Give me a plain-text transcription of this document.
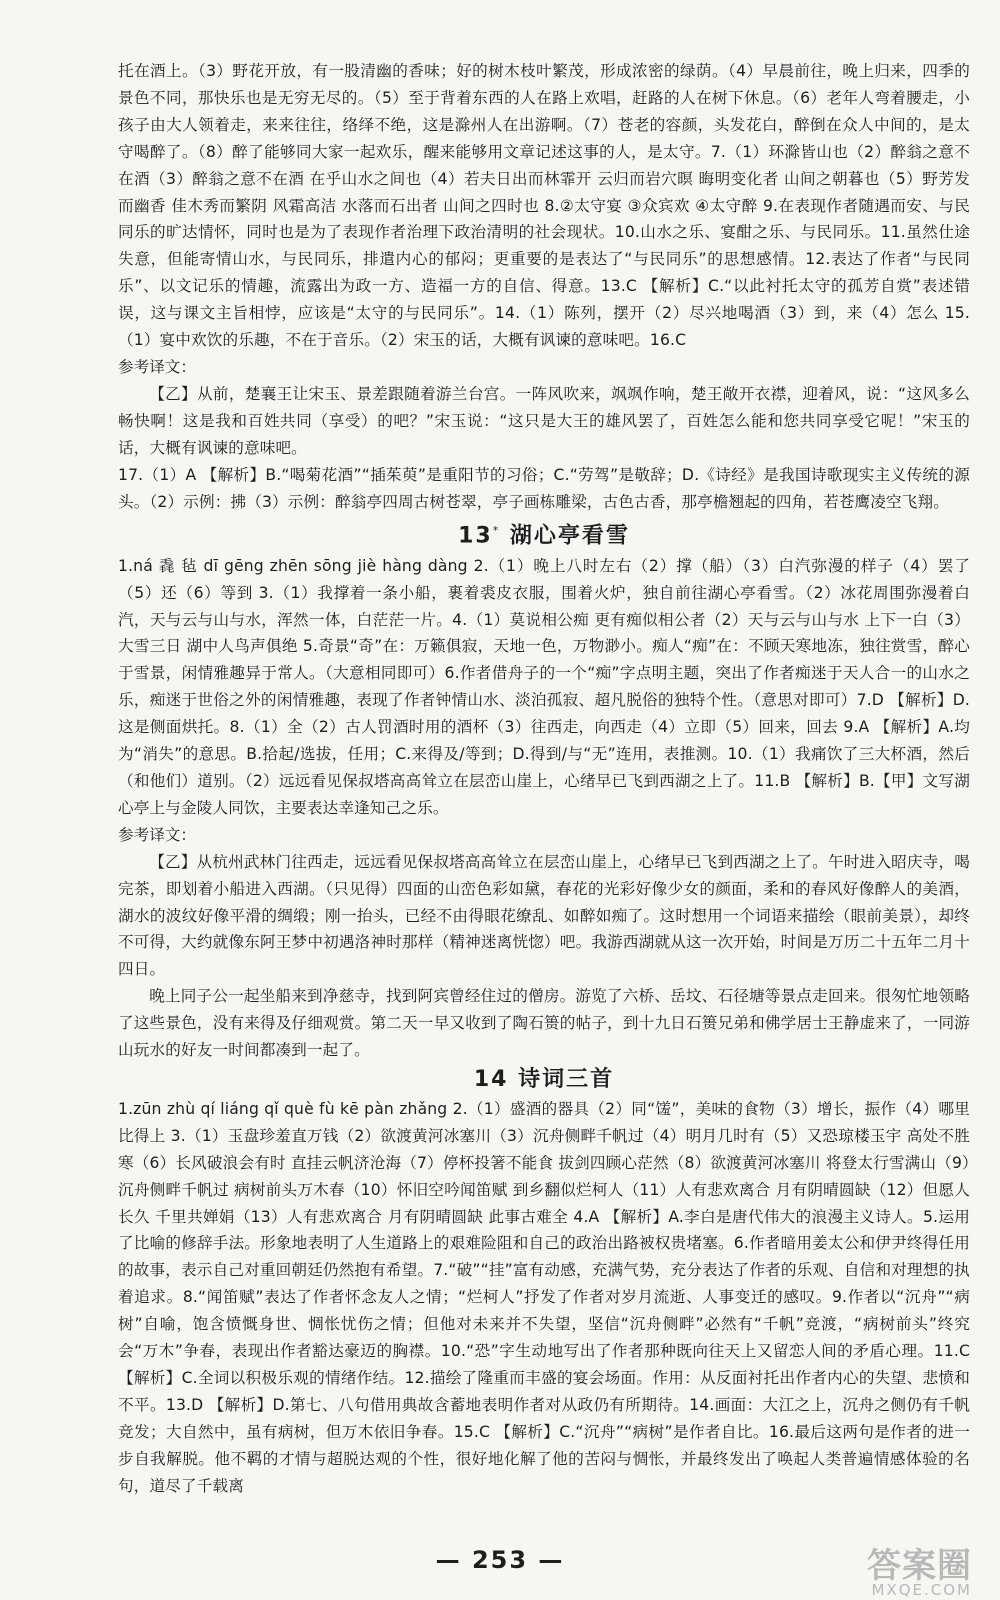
托在酒上。（3）野花开放，有一股清幽的香味；好的树木枝叶繁茂，形成浓密的绿荫。（4）早晨前往，晚上归来，四季的景色不同，那快乐也是无穷无尽的。（5）至于背着东西的人在路上欢唱，赶路的人在树下休息。（6）老年人弯着腰走，小孩子由大人领着走，来来往往，络绎不绝，这是滁州人在出游啊。（7）苍老的容颜，头发花白，醉倒在众人中间的，是太守喝醉了。（8）醉了能够同大家一起欢乐，醒来能够用文章记述这事的人，是太守。7.（1）环滁皆山也（2）醉翁之意不在酒（3）醉翁之意不在酒 在乎山水之间也（4）若夫日出而林霏开 云归而岩穴暝 晦明变化者 山间之朝暮也（5）野芳发而幽香 佳木秀而繁阴 风霜高洁 水落而石出者 山间之四时也 8.②太守宴 ③众宾欢 ④太守醉 9.在表现作者随遇而安、与民同乐的旷达情怀，同时也是为了表现作者治理下政治清明的社会现状。10.山水之乐、宴酣之乐、与民同乐。11.虽然仕途失意，但能寄情山水，与民同乐，排遣内心的郁闷；更重要的是表达了“与民同乐”的思想感情。12.表达了作者“与民同乐”、以文记乐的情趣，流露出为政一方、造福一方的自信、得意。13.C 【解析】C.“以此衬托太守的孤芳自赏”表述错误，这与课文主旨相悖，应该是“太守的与民同乐”。14.（1）陈列，摆开（2）尽兴地喝酒（3）到，来（4）怎么 15.（1）宴中欢饮的乐趣，不在于音乐。（2）宋玉的话，大概有讽谏的意味吧。16.C

参考译文：

【乙】从前，楚襄王让宋玉、景差跟随着游兰台宫。一阵风吹来，飒飒作响，楚王敞开衣襟，迎着风，说：“这风多么畅快啊！这是我和百姓共同（享受）的吧？”宋玉说：“这只是大王的雄风罢了，百姓怎么能和您共同享受它呢！”宋玉的话，大概有讽谏的意味吧。

17.（1）A 【解析】B.“喝菊花酒”“插茱萸”是重阳节的习俗；C.“劳驾”是敬辞；D.《诗经》是我国诗歌现实主义传统的源头。（2）示例：拂（3）示例：醉翁亭四周古树苍翠，亭子画栋雕梁，古色古香，那亭檐翘起的四角，若苍鹰凌空飞翔。

13* 湖心亭看雪

1.ná 毳 毡 dī gēng zhēn sōng jiè hàng dàng 2.（1）晚上八时左右（2）撑（船）（3）白汽弥漫的样子（4）罢了（5）还（6）等到 3.（1）我撑着一条小船，裹着裘皮衣服，围着火炉，独自前往湖心亭看雪。（2）冰花周围弥漫着白汽，天与云与山与水，浑然一体，白茫茫一片。4.（1）莫说相公痴 更有痴似相公者（2）天与云与山与水 上下一白（3）大雪三日 湖中人鸟声俱绝 5.奇景“奇”在：万籁俱寂，天地一色，万物渺小。痴人“痴”在：不顾天寒地冻，独往赏雪，醉心于雪景，闲情雅趣异于常人。（大意相同即可）6.作者借舟子的一个“痴”字点明主题，突出了作者痴迷于天人合一的山水之乐，痴迷于世俗之外的闲情雅趣，表现了作者钟情山水、淡泊孤寂、超凡脱俗的独特个性。（意思对即可）7.D 【解析】D.这是侧面烘托。8.（1）全（2）古人罚酒时用的酒杯（3）往西走，向西走（4）立即（5）回来，回去 9.A 【解析】A.均为“消失”的意思。B.拾起/选拔，任用；C.来得及/等到；D.得到/与“无”连用，表推测。10.（1）我痛饮了三大杯酒，然后（和他们）道别。（2）远远看见保叔塔高高耸立在层峦山崖上，心绪早已飞到西湖之上了。11.B 【解析】B.【甲】文写湖心亭上与金陵人同饮，主要表达幸逢知己之乐。

参考译文：

【乙】从杭州武林门往西走，远远看见保叔塔高高耸立在层峦山崖上，心绪早已飞到西湖之上了。午时进入昭庆寺，喝完茶，即划着小船进入西湖。（只见得）四面的山峦色彩如黛，春花的光彩好像少女的颜面，柔和的春风好像醉人的美酒，湖水的波纹好像平滑的绸缎；刚一抬头，已经不由得眼花缭乱、如醉如痴了。这时想用一个词语来描绘（眼前美景），却终不可得，大约就像东阿王梦中初遇洛神时那样（精神迷离恍惚）吧。我游西湖就从这一次开始，时间是万历二十五年二月十四日。

晚上同子公一起坐船来到净慈寺，找到阿宾曾经住过的僧房。游览了六桥、岳坟、石径塘等景点走回来。很匆忙地领略了这些景色，没有来得及仔细观赏。第二天一早又收到了陶石篑的帖子，到十九日石篑兄弟和佛学居士王静虚来了，一同游山玩水的好友一时间都凑到一起了。

14 诗词三首

1.zūn zhù qí liáng qǐ què fù kē pàn zhǎng 2.（1）盛酒的器具（2）同“馐”，美味的食物（3）增长，振作（4）哪里比得上 3.（1）玉盘珍羞直万钱（2）欲渡黄河冰塞川（3）沉舟侧畔千帆过（4）明月几时有（5）又恐琼楼玉宇 高处不胜寒（6）长风破浪会有时 直挂云帆济沧海（7）停杯投箸不能食 拔剑四顾心茫然（8）欲渡黄河冰塞川 将登太行雪满山（9）沉舟侧畔千帆过 病树前头万木春（10）怀旧空吟闻笛赋 到乡翻似烂柯人（11）人有悲欢离合 月有阴晴圆缺（12）但愿人长久 千里共婵娟（13）人有悲欢离合 月有阴晴圆缺 此事古难全 4.A 【解析】A.李白是唐代伟大的浪漫主义诗人。5.运用了比喻的修辞手法。形象地表明了人生道路上的艰难险阻和自己的政治出路被权贵堵塞。6.作者暗用姜太公和伊尹终得任用的故事，表示自己对重回朝廷仍然抱有希望。7.“破”“挂”富有动感，充满气势，充分表达了作者的乐观、自信和对理想的执着追求。8.“闻笛赋”表达了作者怀念友人之情；“烂柯人”抒发了作者对岁月流逝、人事变迁的感叹。9.作者以“沉舟”“病树”自喻，饱含愤慨身世、惆怅忧伤之情；但他对未来并不失望，坚信“沉舟侧畔”必然有“千帆”竞渡，“病树前头”终究会“万木”争春，表现出作者豁达豪迈的胸襟。10.“恐”字生动地写出了作者那种既向往天上又留恋人间的矛盾心理。11.C 【解析】C.全词以积极乐观的情绪作结。12.描绘了隆重而丰盛的宴会场面。作用：从反面衬托出作者内心的失望、悲愤和不平。13.D 【解析】D.第七、八句借用典故含蓄地表明作者对从政仍有所期待。14.画面：大江之上，沉舟之侧仍有千帆竞发；大自然中，虽有病树，但万木依旧争春。15.C 【解析】C.“沉舟”“病树”是作者自比。16.最后这两句是作者的进一步自我解脱。他不羁的才情与超脱达观的个性，很好地化解了他的苦闷与惆怅，并最终发出了唤起人类普遍情感体验的名句，道尽了千载离

— 253 —	答案圈
MXQE.COM
